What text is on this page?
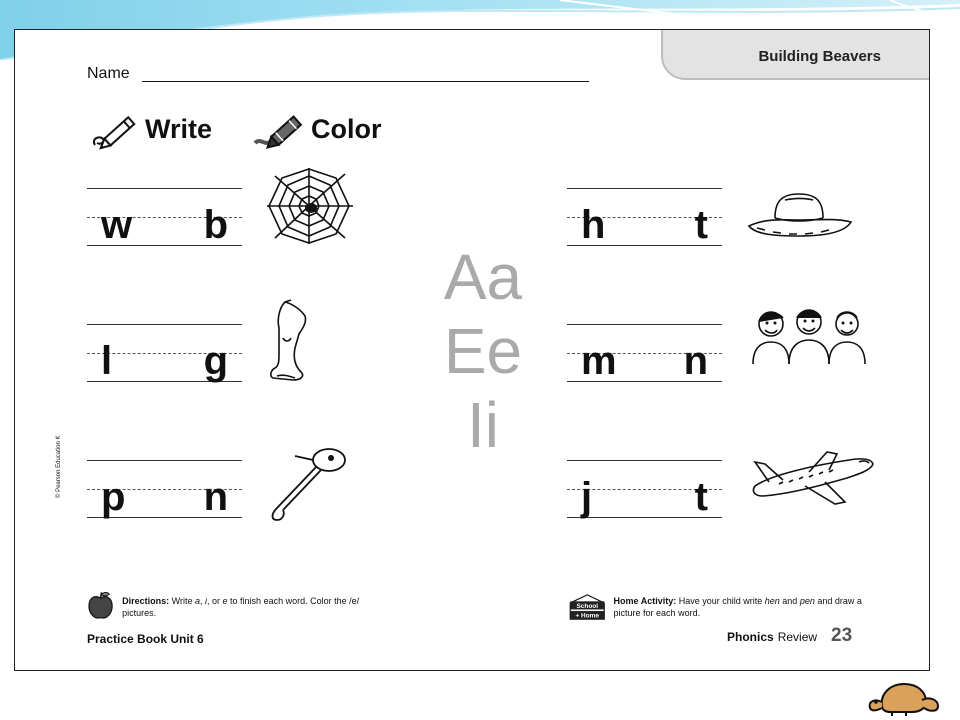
Building Beavers
Name
Write	Color
w b
l g
p n
h t
m n
j	t
Aa
Ee
Ii
© Pearson Education K
Directions: Write a, i, or e to finish each word. Color the /e/ pictures.
School
+ Home
Home Activity: Have your child write hen and pen and draw a picture for each word.
Practice Book Unit 6	Phonics Review 23
